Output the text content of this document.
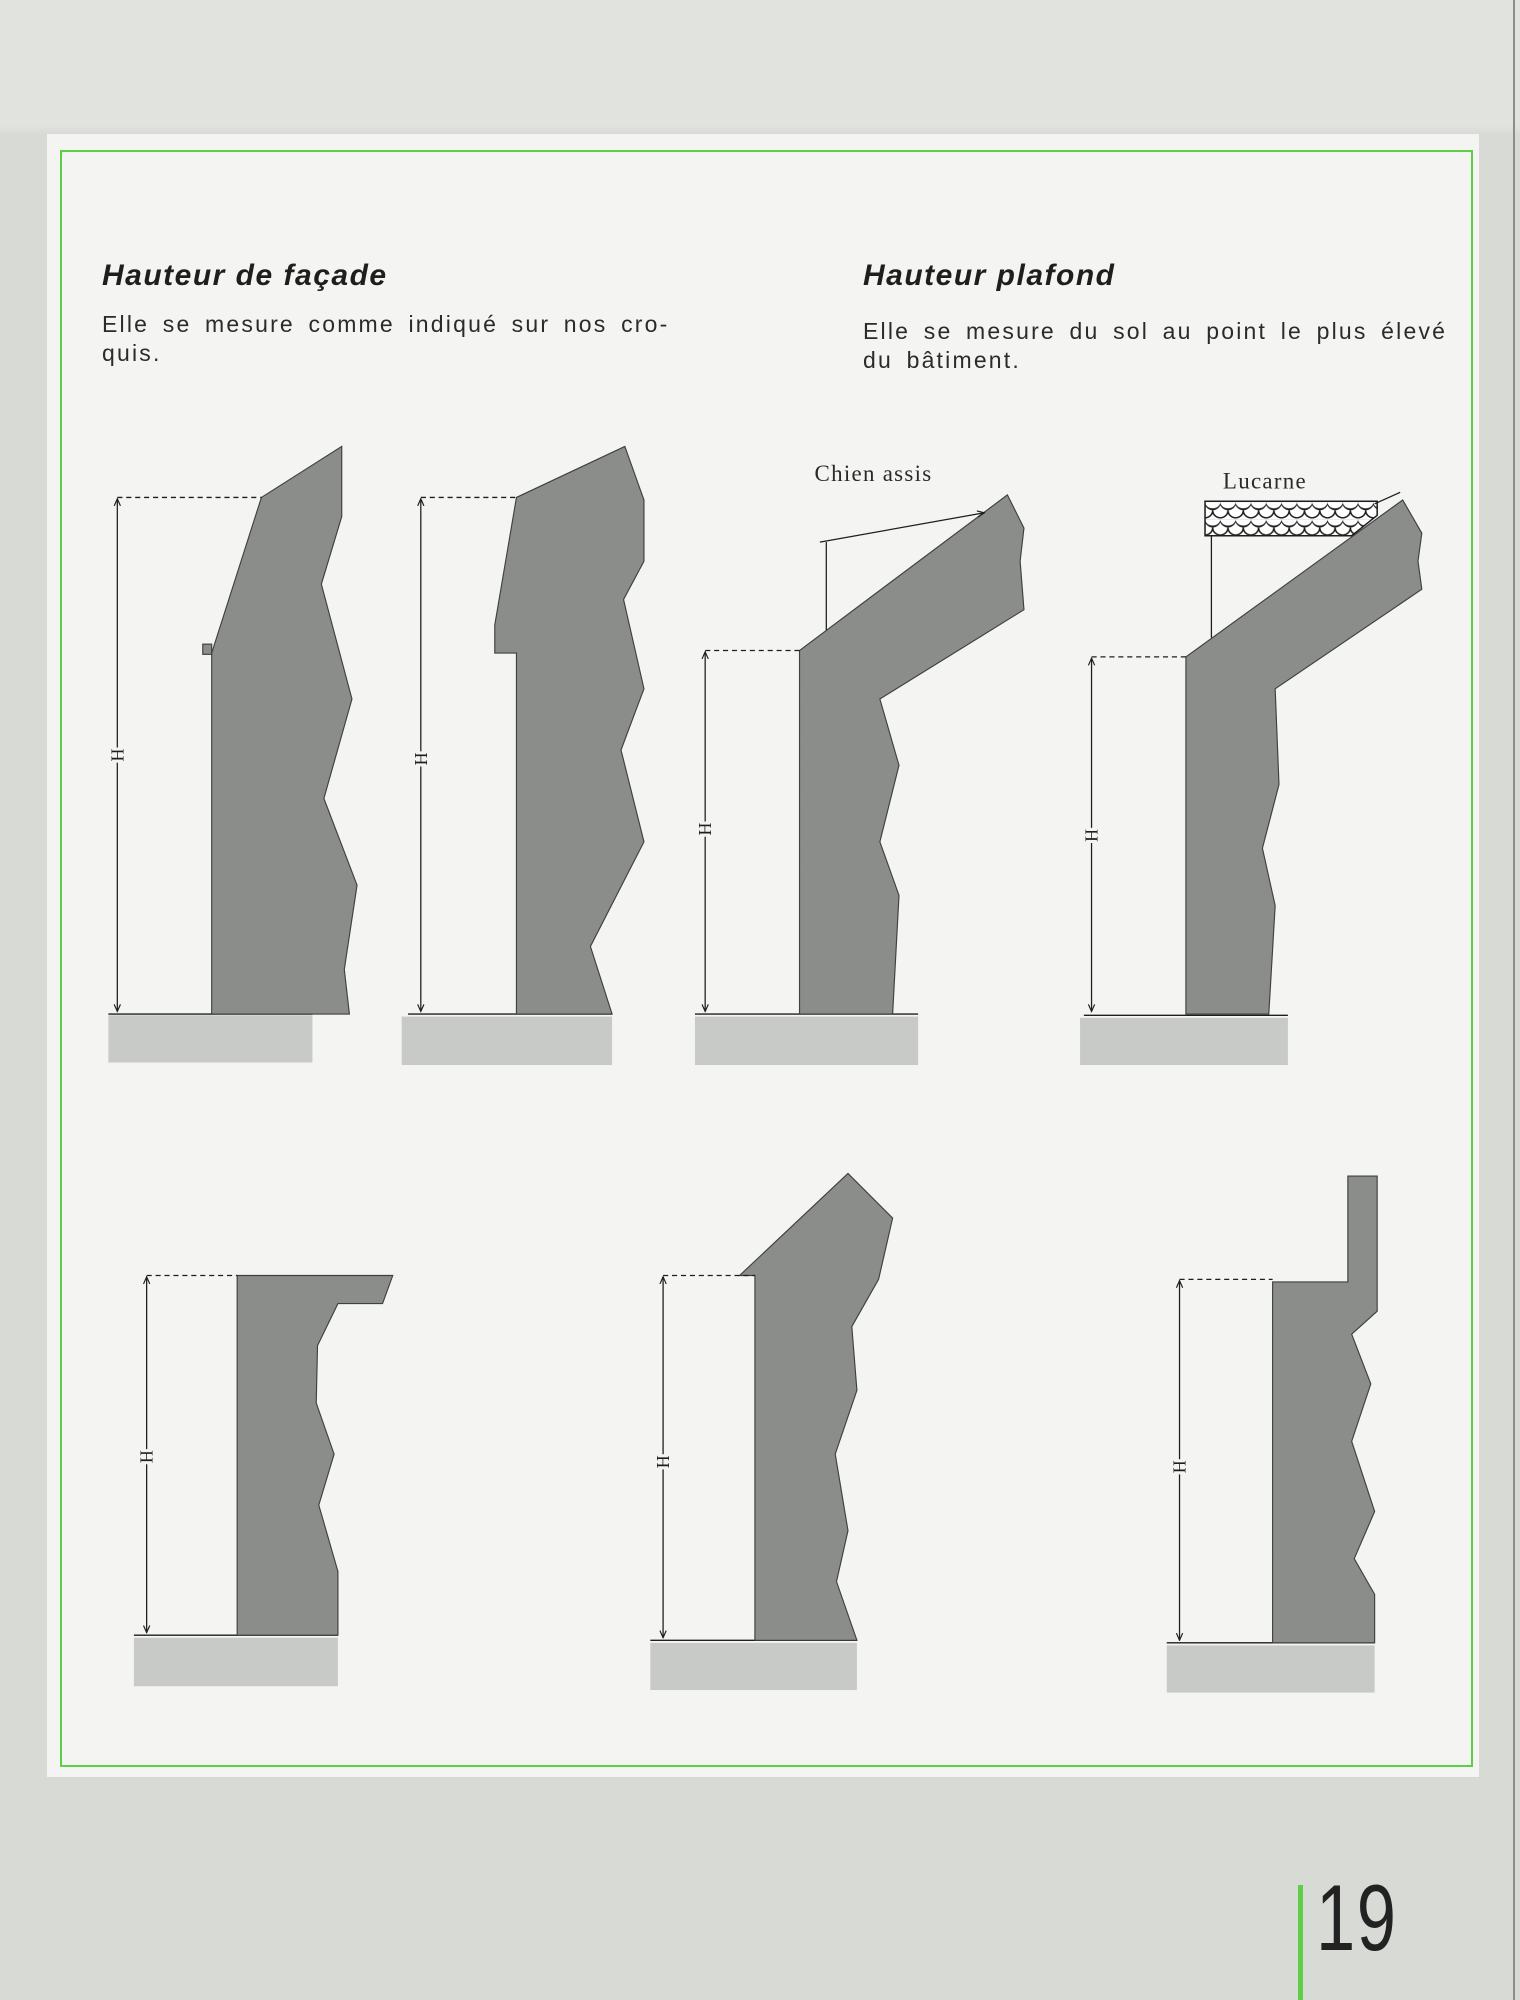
Hauteur de façade

Elle se mesure comme indiqué sur nos cro-
quis.

Hauteur plafond

Elle se mesure du sol au point le plus élevé
du bâtiment.

H	H
Chien assis
H
Lucarne
H
H	H	H
19
